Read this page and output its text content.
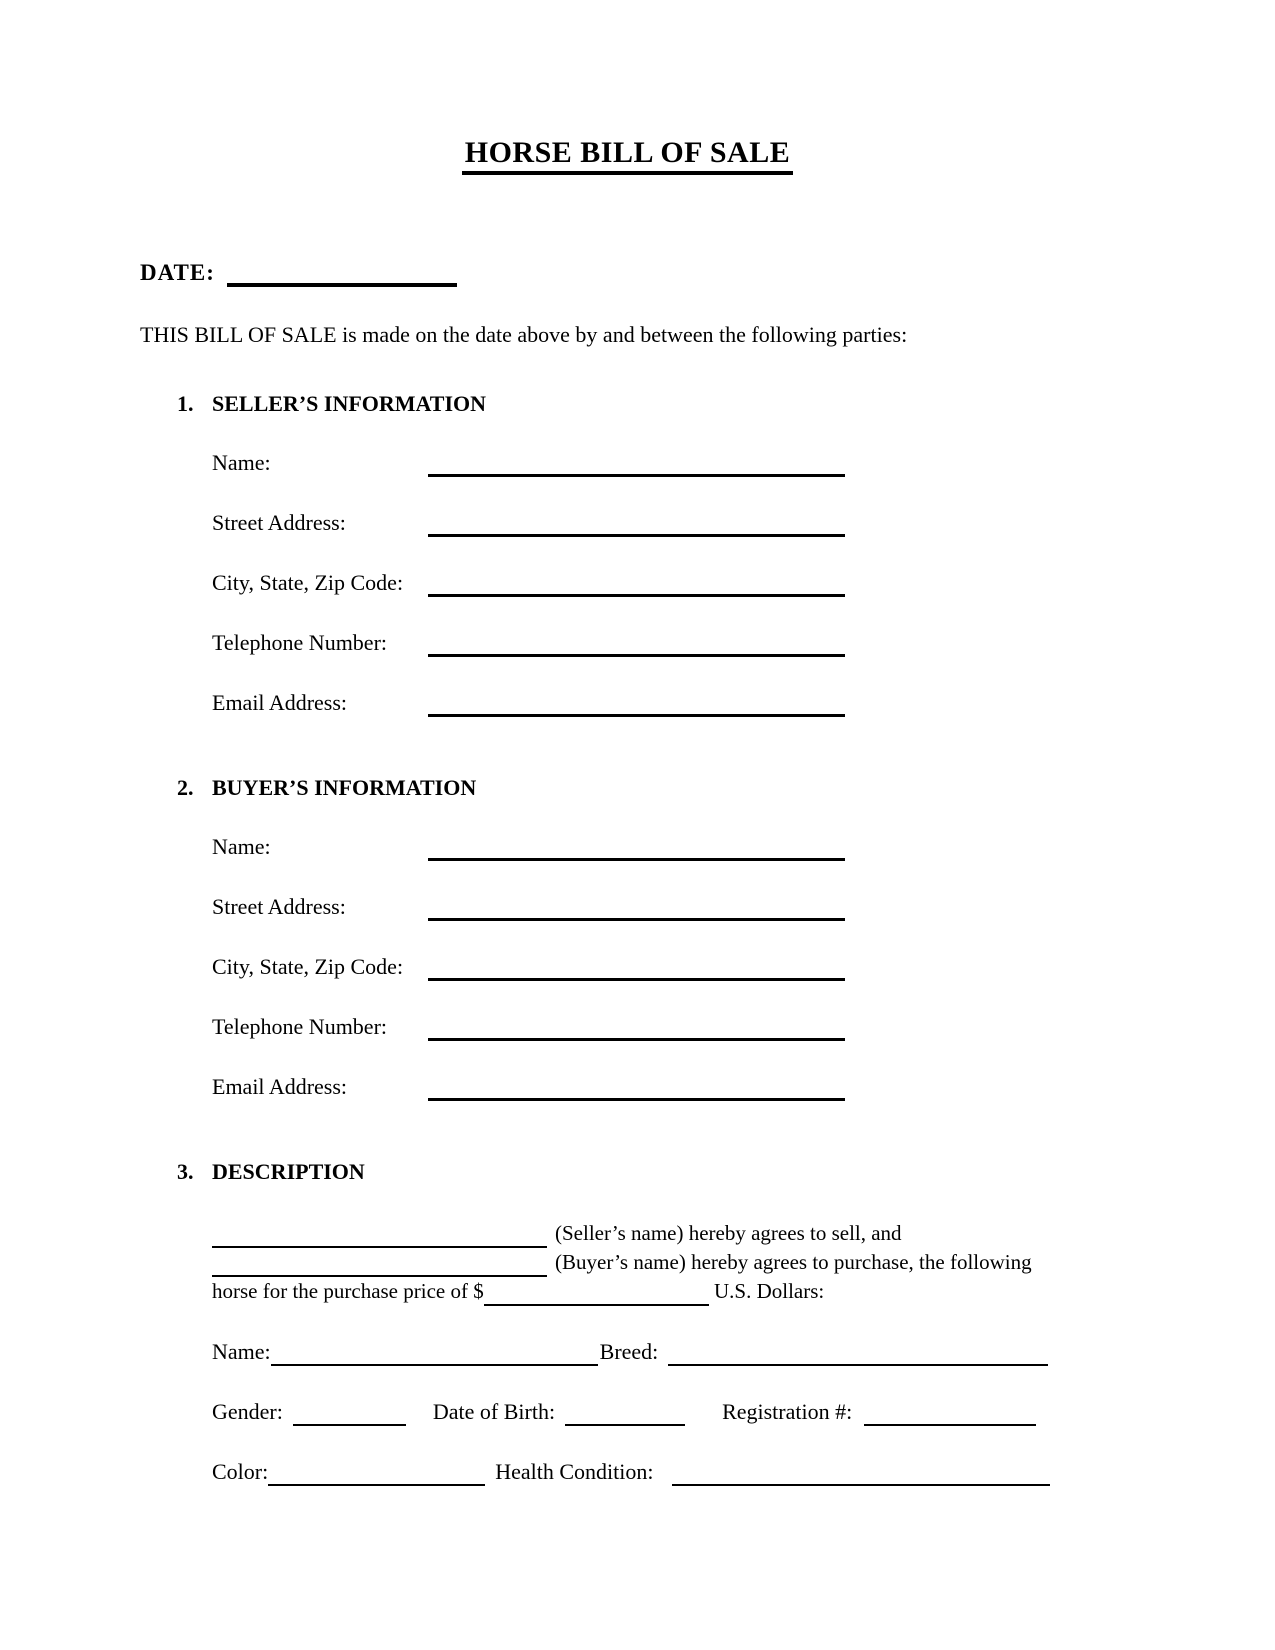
HORSE BILL OF SALE
DATE:
THIS BILL OF SALE is made on the date above by and between the following parties:
1. SELLER’S INFORMATION
Name:
Street Address:
City, State, Zip Code:
Telephone Number:
Email Address:
2. BUYER’S INFORMATION
Name:
Street Address:
City, State, Zip Code:
Telephone Number:
Email Address:
3. DESCRIPTION
(Seller’s name) hereby agrees to sell, and
(Buyer’s name) hereby agrees to purchase, the following
horse for the purchase price of $	U.S. Dollars:
Name:	Breed:
Gender:	Date of Birth:	Registration #:
Color:	Health Condition:
